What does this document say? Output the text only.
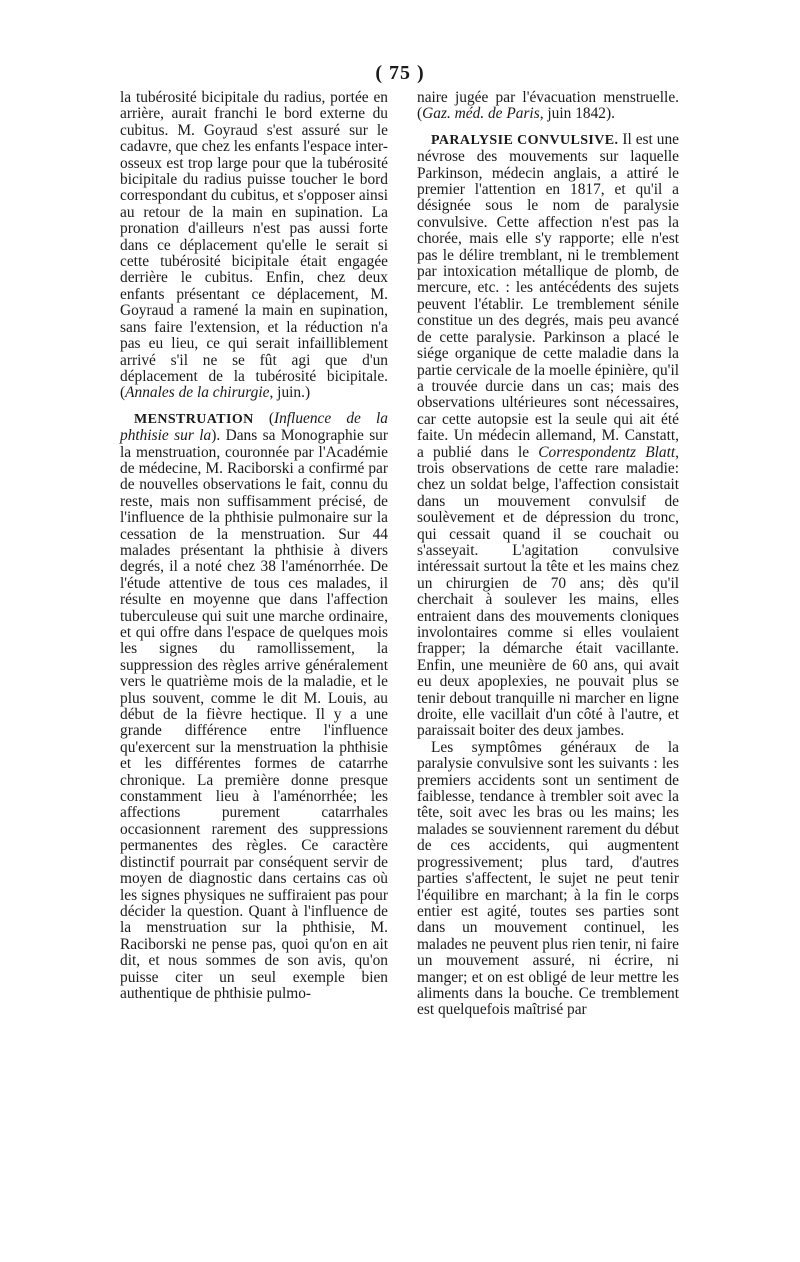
( 75 )

la tubérosité bicipitale du radius, portée en arrière, aurait franchi le bord externe du cubitus. M. Goyraud s'est assuré sur le cadavre, que chez les enfants l'espace inter-osseux est trop large pour que la tubérosité bicipitale du radius puisse toucher le bord correspondant du cubitus, et s'opposer ainsi au retour de la main en supination. La pronation d'ailleurs n'est pas aussi forte dans ce déplacement qu'elle le serait si cette tubérosité bicipitale était engagée derrière le cubitus. Enfin, chez deux enfants présentant ce déplacement, M. Goyraud a ramené la main en supination, sans faire l'extension, et la réduction n'a pas eu lieu, ce qui serait infailliblement arrivé s'il ne se fût agi que d'un déplacement de la tubérosité bicipitale. (Annales de la chirurgie, juin.)

MENSTRUATION (Influence de la phthisie sur la). Dans sa Monographie sur la menstruation, couronnée par l'Académie de médecine, M. Raciborski a confirmé par de nouvelles observations le fait, connu du reste, mais non suffisamment précisé, de l'influence de la phthisie pulmonaire sur la cessation de la menstruation. Sur 44 malades présentant la phthisie à divers degrés, il a noté chez 38 l'aménorrhée. De l'étude attentive de tous ces malades, il résulte en moyenne que dans l'affection tuberculeuse qui suit une marche ordinaire, et qui offre dans l'espace de quelques mois les signes du ramollissement, la suppression des règles arrive généralement vers le quatrième mois de la maladie, et le plus souvent, comme le dit M. Louis, au début de la fièvre hectique. Il y a une grande différence entre l'influence qu'exercent sur la menstruation la phthisie et les différentes formes de catarrhe chronique. La première donne presque constamment lieu à l'aménorrhée; les affections purement catarrhales occasionnent rarement des suppressions permanentes des règles. Ce caractère distinctif pourrait par conséquent servir de moyen de diagnostic dans certains cas où les signes physiques ne suffiraient pas pour décider la question. Quant à l'influence de la menstruation sur la phthisie, M. Raciborski ne pense pas, quoi qu'on en ait dit, et nous sommes de son avis, qu'on puisse citer un seul exemple bien authentique de phthisie pulmo-

naire jugée par l'évacuation menstruelle. (Gaz. méd. de Paris, juin 1842).

PARALYSIE CONVULSIVE. Il est une névrose des mouvements sur laquelle Parkinson, médecin anglais, a attiré le premier l'attention en 1817, et qu'il a désignée sous le nom de paralysie convulsive. Cette affection n'est pas la chorée, mais elle s'y rapporte; elle n'est pas le délire tremblant, ni le tremblement par intoxication métallique de plomb, de mercure, etc. : les antécédents des sujets peuvent l'établir. Le tremblement sénile constitue un des degrés, mais peu avancé de cette paralysie. Parkinson a placé le siége organique de cette maladie dans la partie cervicale de la moelle épinière, qu'il a trouvée durcie dans un cas; mais des observations ultérieures sont nécessaires, car cette autopsie est la seule qui ait été faite. Un médecin allemand, M. Canstatt, a publié dans le Correspondentz Blatt, trois observations de cette rare maladie: chez un soldat belge, l'affection consistait dans un mouvement convulsif de soulèvement et de dépression du tronc, qui cessait quand il se couchait ou s'asseyait. L'agitation convulsive intéressait surtout la tête et les mains chez un chirurgien de 70 ans; dès qu'il cherchait à soulever les mains, elles entraient dans des mouvements cloniques involontaires comme si elles voulaient frapper; la démarche était vacillante. Enfin, une meunière de 60 ans, qui avait eu deux apoplexies, ne pouvait plus se tenir debout tranquille ni marcher en ligne droite, elle vacillait d'un côté à l'autre, et paraissait boiter des deux jambes.

Les symptômes généraux de la paralysie convulsive sont les suivants : les premiers accidents sont un sentiment de faiblesse, tendance à trembler soit avec la tête, soit avec les bras ou les mains; les malades se souviennent rarement du début de ces accidents, qui augmentent progressivement; plus tard, d'autres parties s'affectent, le sujet ne peut tenir l'équilibre en marchant; à la fin le corps entier est agité, toutes ses parties sont dans un mouvement continuel, les malades ne peuvent plus rien tenir, ni faire un mouvement assuré, ni écrire, ni manger; et on est obligé de leur mettre les aliments dans la bouche. Ce tremblement est quelquefois maîtrisé par
